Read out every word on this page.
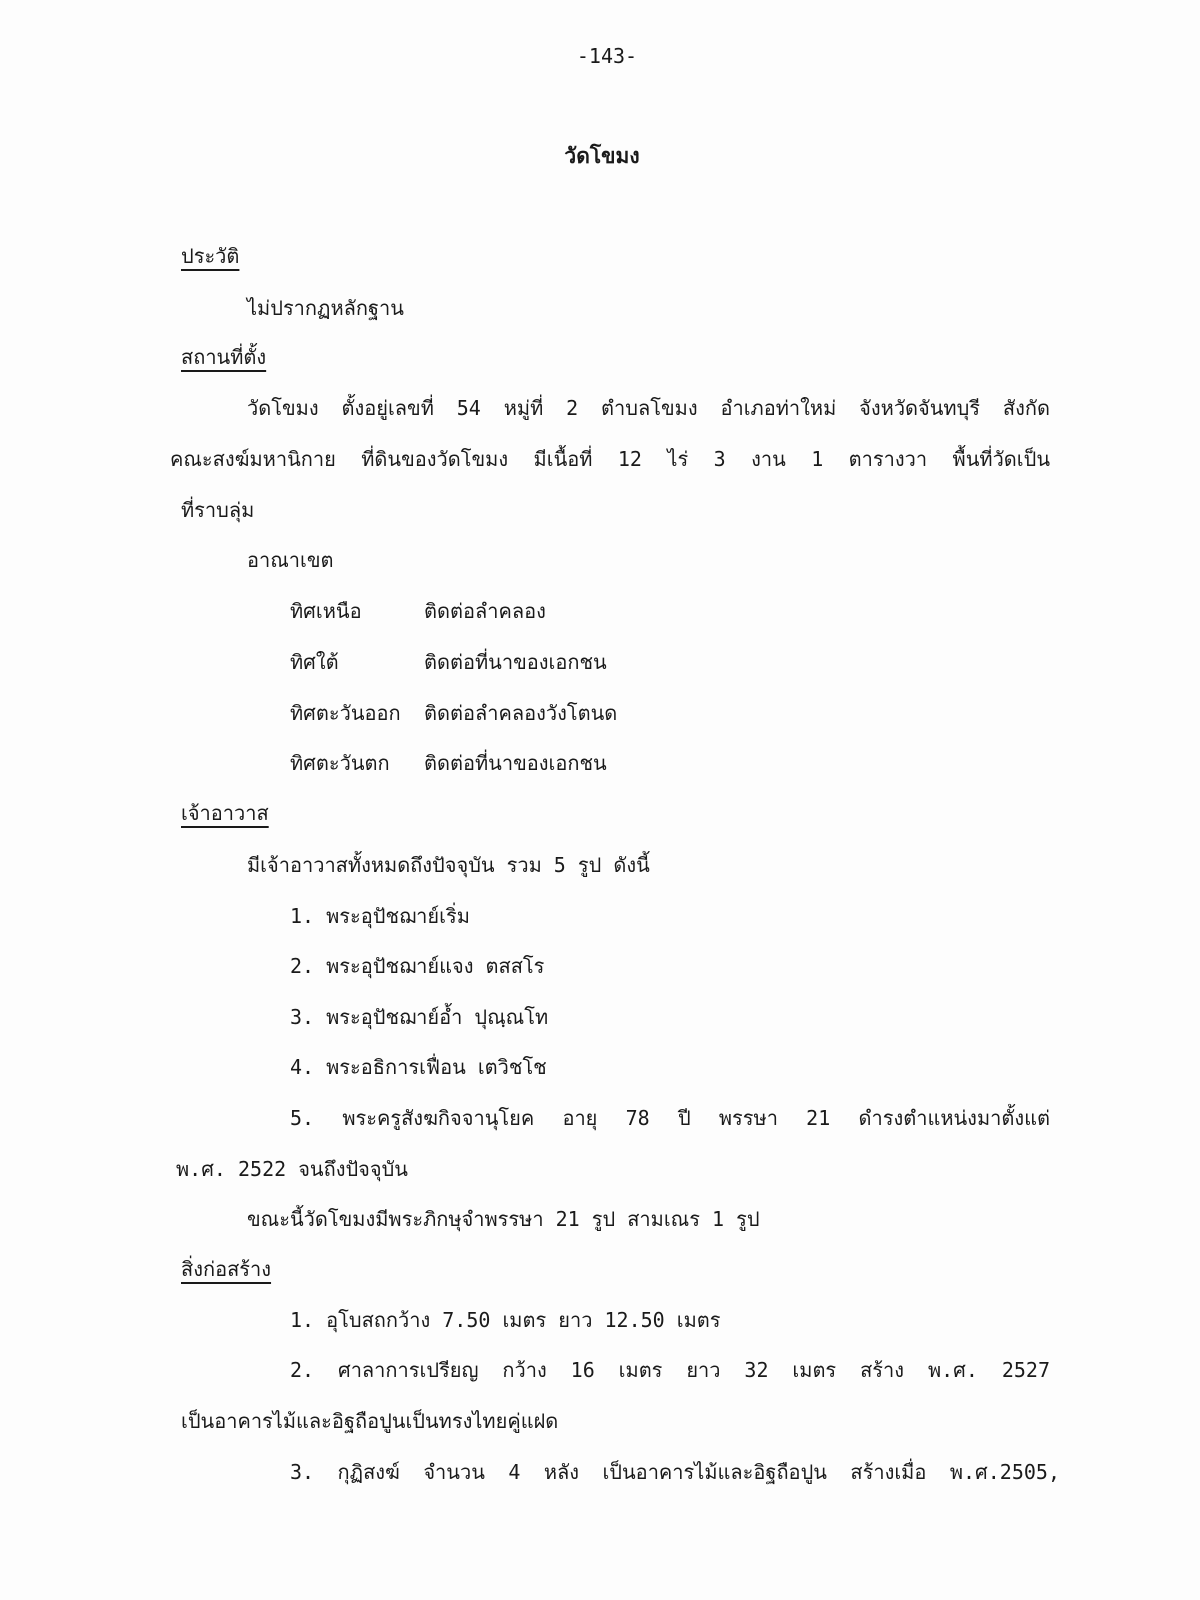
-143-
วัดโขมง
ประวัติ
ไม่ปรากฏหลักฐาน
สถานที่ตั้ง
วัดโขมง ตั้งอยู่เลขที่ 54 หมู่ที่ 2 ตำบลโขมง อำเภอท่าใหม่ จังหวัดจันทบุรี สังกัด
คณะสงฆ์มหานิกาย ที่ดินของวัดโขมง มีเนื้อที่ 12 ไร่ 3 งาน 1 ตารางวา พื้นที่วัดเป็น
ที่ราบลุ่ม
อาณาเขต
ทิศเหนือ	ติดต่อลำคลอง
ทิศใต้	ติดต่อที่นาของเอกชน
ทิศตะวันออก ติดต่อลำคลองวังโตนด
ทิศตะวันตก ติดต่อที่นาของเอกชน
เจ้าอาวาส
มีเจ้าอาวาสทั้งหมดถึงปัจจุบัน รวม 5 รูป ดังนี้
1. พระอุปัชฌาย์เริ่ม
2. พระอุปัชฌาย์แจง ตสสโร
3. พระอุปัชฌาย์อ้ำ ปุณฺณโท
4. พระอธิการเฟื่อน เตวิชโช
5. พระครูสังฆกิจจานุโยค อายุ 78 ปี พรรษา 21 ดำรงตำแหน่งมาตั้งแต่
พ.ศ. 2522 จนถึงปัจจุบัน
ขณะนี้วัดโขมงมีพระภิกษุจำพรรษา 21 รูป สามเณร 1 รูป
สิ่งก่อสร้าง
1. อุโบสถกว้าง 7.50 เมตร ยาว 12.50 เมตร
2. ศาลาการเปรียญ กว้าง 16 เมตร ยาว 32 เมตร สร้าง พ.ศ. 2527
เป็นอาคารไม้และอิฐถือปูนเป็นทรงไทยคู่แฝด
3. กุฏิสงฆ์ จำนวน 4 หลัง เป็นอาคารไม้และอิฐถือปูน สร้างเมื่อ พ.ศ.2505,
